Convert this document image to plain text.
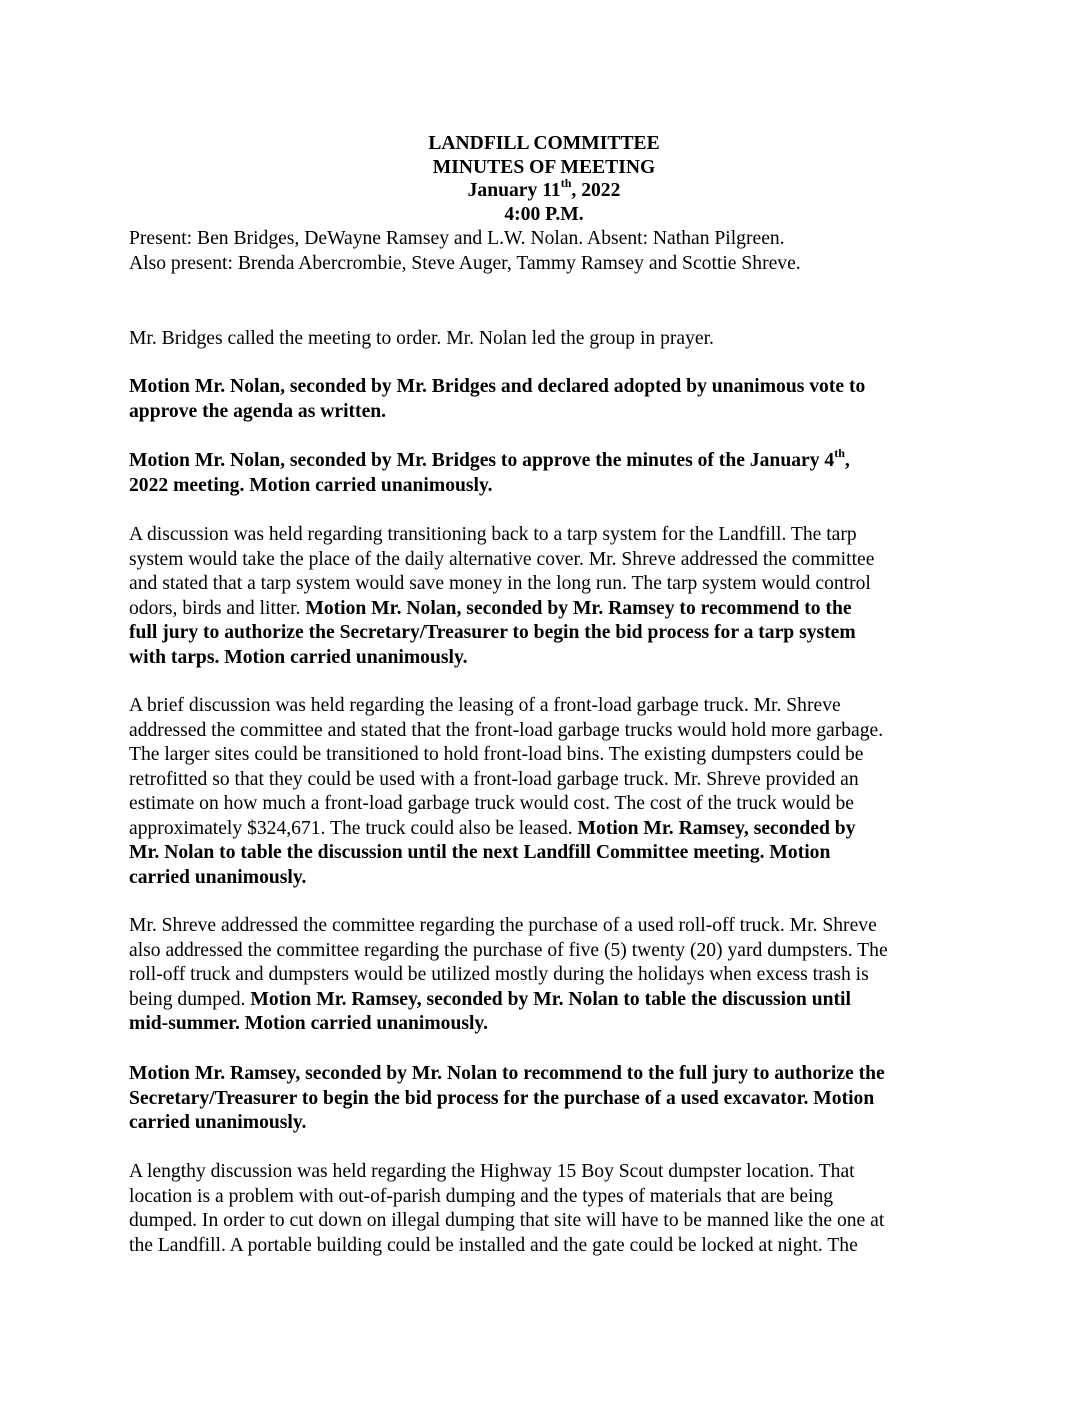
LANDFILL COMMITTEE
MINUTES OF MEETING
January 11th, 2022
4:00 P.M.

Present: Ben Bridges, DeWayne Ramsey and L.W. Nolan. Absent: Nathan Pilgreen.
Also present: Brenda Abercrombie, Steve Auger, Tammy Ramsey and Scottie Shreve.

Mr. Bridges called the meeting to order. Mr. Nolan led the group in prayer.

Motion Mr. Nolan, seconded by Mr. Bridges and declared adopted by unanimous vote to
approve the agenda as written.

Motion Mr. Nolan, seconded by Mr. Bridges to approve the minutes of the January 4th,
2022 meeting. Motion carried unanimously.

A discussion was held regarding transitioning back to a tarp system for the Landfill. The tarp
system would take the place of the daily alternative cover. Mr. Shreve addressed the committee
and stated that a tarp system would save money in the long run. The tarp system would control
odors, birds and litter. Motion Mr. Nolan, seconded by Mr. Ramsey to recommend to the
full jury to authorize the Secretary/Treasurer to begin the bid process for a tarp system
with tarps. Motion carried unanimously.

A brief discussion was held regarding the leasing of a front-load garbage truck. Mr. Shreve
addressed the committee and stated that the front-load garbage trucks would hold more garbage.
The larger sites could be transitioned to hold front-load bins. The existing dumpsters could be
retrofitted so that they could be used with a front-load garbage truck. Mr. Shreve provided an
estimate on how much a front-load garbage truck would cost. The cost of the truck would be
approximately $324,671. The truck could also be leased. Motion Mr. Ramsey, seconded by
Mr. Nolan to table the discussion until the next Landfill Committee meeting. Motion
carried unanimously.

Mr. Shreve addressed the committee regarding the purchase of a used roll-off truck. Mr. Shreve
also addressed the committee regarding the purchase of five (5) twenty (20) yard dumpsters. The
roll-off truck and dumpsters would be utilized mostly during the holidays when excess trash is
being dumped. Motion Mr. Ramsey, seconded by Mr. Nolan to table the discussion until
mid-summer. Motion carried unanimously.

Motion Mr. Ramsey, seconded by Mr. Nolan to recommend to the full jury to authorize the
Secretary/Treasurer to begin the bid process for the purchase of a used excavator. Motion
carried unanimously.

A lengthy discussion was held regarding the Highway 15 Boy Scout dumpster location. That
location is a problem with out-of-parish dumping and the types of materials that are being
dumped. In order to cut down on illegal dumping that site will have to be manned like the one at
the Landfill. A portable building could be installed and the gate could be locked at night. The
